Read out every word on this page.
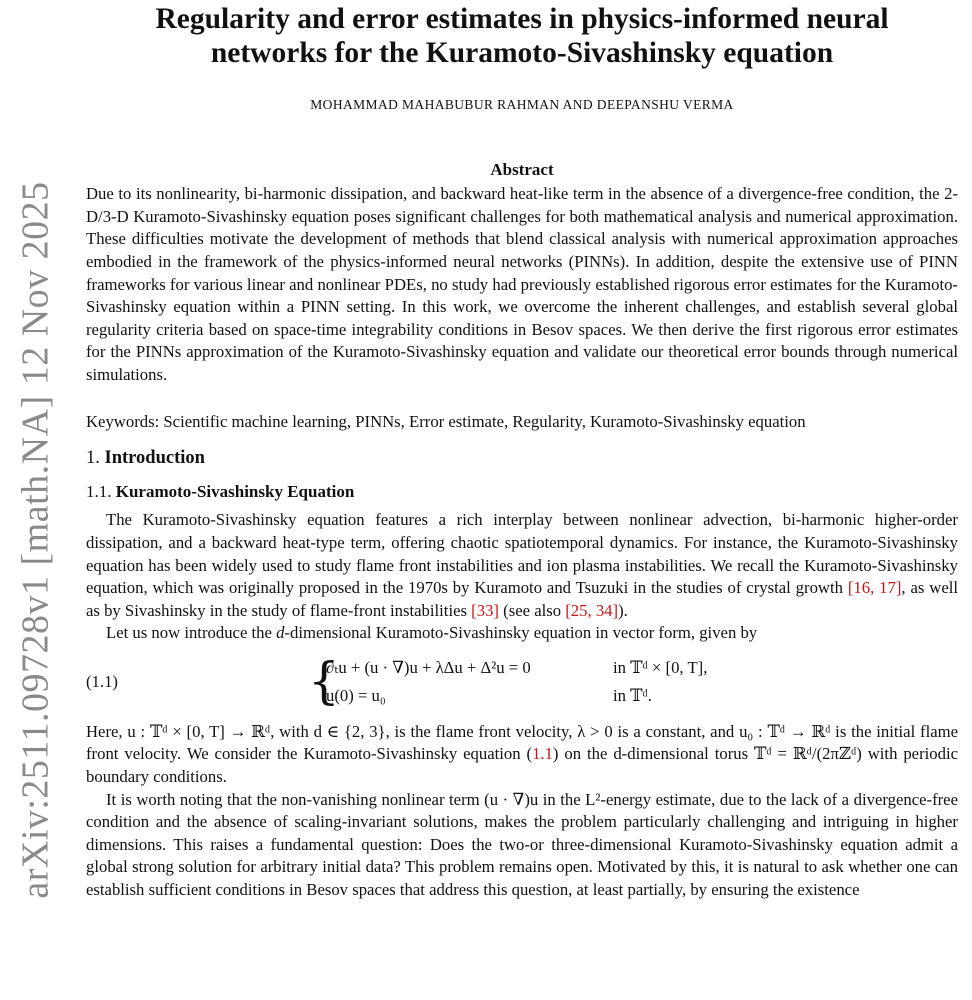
arXiv:2511.09728v1 [math.NA] 12 Nov 2025
Regularity and error estimates in physics-informed neural
networks for the Kuramoto-Sivashinsky equation
MOHAMMAD MAHABUBUR RAHMAN AND DEEPANSHU VERMA
Abstract
Due to its nonlinearity, bi-harmonic dissipation, and backward heat-like term in the absence of a divergence-free condition, the 2-D/3-D Kuramoto-Sivashinsky equation poses significant challenges for both mathematical analysis and numerical approximation. These difficulties motivate the development of methods that blend classical analysis with numerical approximation approaches embodied in the framework of the physics-informed neural networks (PINNs). In addition, despite the extensive use of PINN frameworks for various linear and nonlinear PDEs, no study had previously established rigorous error estimates for the Kuramoto-Sivashinsky equation within a PINN setting. In this work, we overcome the inherent challenges, and establish several global regularity criteria based on space-time integrability conditions in Besov spaces. We then derive the first rigorous error estimates for the PINNs approximation of the Kuramoto-Sivashinsky equation and validate our theoretical error bounds through numerical simulations.
Keywords: Scientific machine learning, PINNs, Error estimate, Regularity, Kuramoto-Sivashinsky equation
1. Introduction
1.1. Kuramoto-Sivashinsky Equation

The Kuramoto-Sivashinsky equation features a rich interplay between nonlinear advection, bi-harmonic higher-order dissipation, and a backward heat-type term, offering chaotic spatiotemporal dynamics. For instance, the Kuramoto-Sivashinsky equation has been widely used to study flame front instabilities and ion plasma instabilities. We recall the Kuramoto-Sivashinsky equation, which was originally proposed in the 1970s by Kuramoto and Tsuzuki in the studies of crystal growth [16, 17], as well as by Sivashinsky in the study of flame-front instabilities [33] (see also [25, 34]).

Let us now introduce the d-dimensional Kuramoto-Sivashinsky equation in vector form, given by

(1.1)	{
∂ₜu + (u · ∇)u + λΔu + Δ²u = 0	in 𝕋ᵈ × [0, T],
u(0) = u₀	in 𝕋ᵈ.

Here, u : 𝕋ᵈ × [0, T] → ℝᵈ, with d ∈ {2, 3}, is the flame front velocity, λ > 0 is a constant, and u₀ : 𝕋ᵈ → ℝᵈ is the initial flame front velocity. We consider the Kuramoto-Sivashinsky equation (1.1) on the d-dimensional torus 𝕋ᵈ = ℝᵈ/(2πℤᵈ) with periodic boundary conditions.

It is worth noting that the non-vanishing nonlinear term (u · ∇)u in the L²-energy estimate, due to the lack of a divergence-free condition and the absence of scaling-invariant solutions, makes the problem particularly challenging and intriguing in higher dimensions. This raises a fundamental question: Does the two-or three-dimensional Kuramoto-Sivashinsky equation admit a global strong solution for arbitrary initial data? This problem remains open. Motivated by this, it is natural to ask whether one can establish sufficient conditions in Besov spaces that address this question, at least partially, by ensuring the existence
